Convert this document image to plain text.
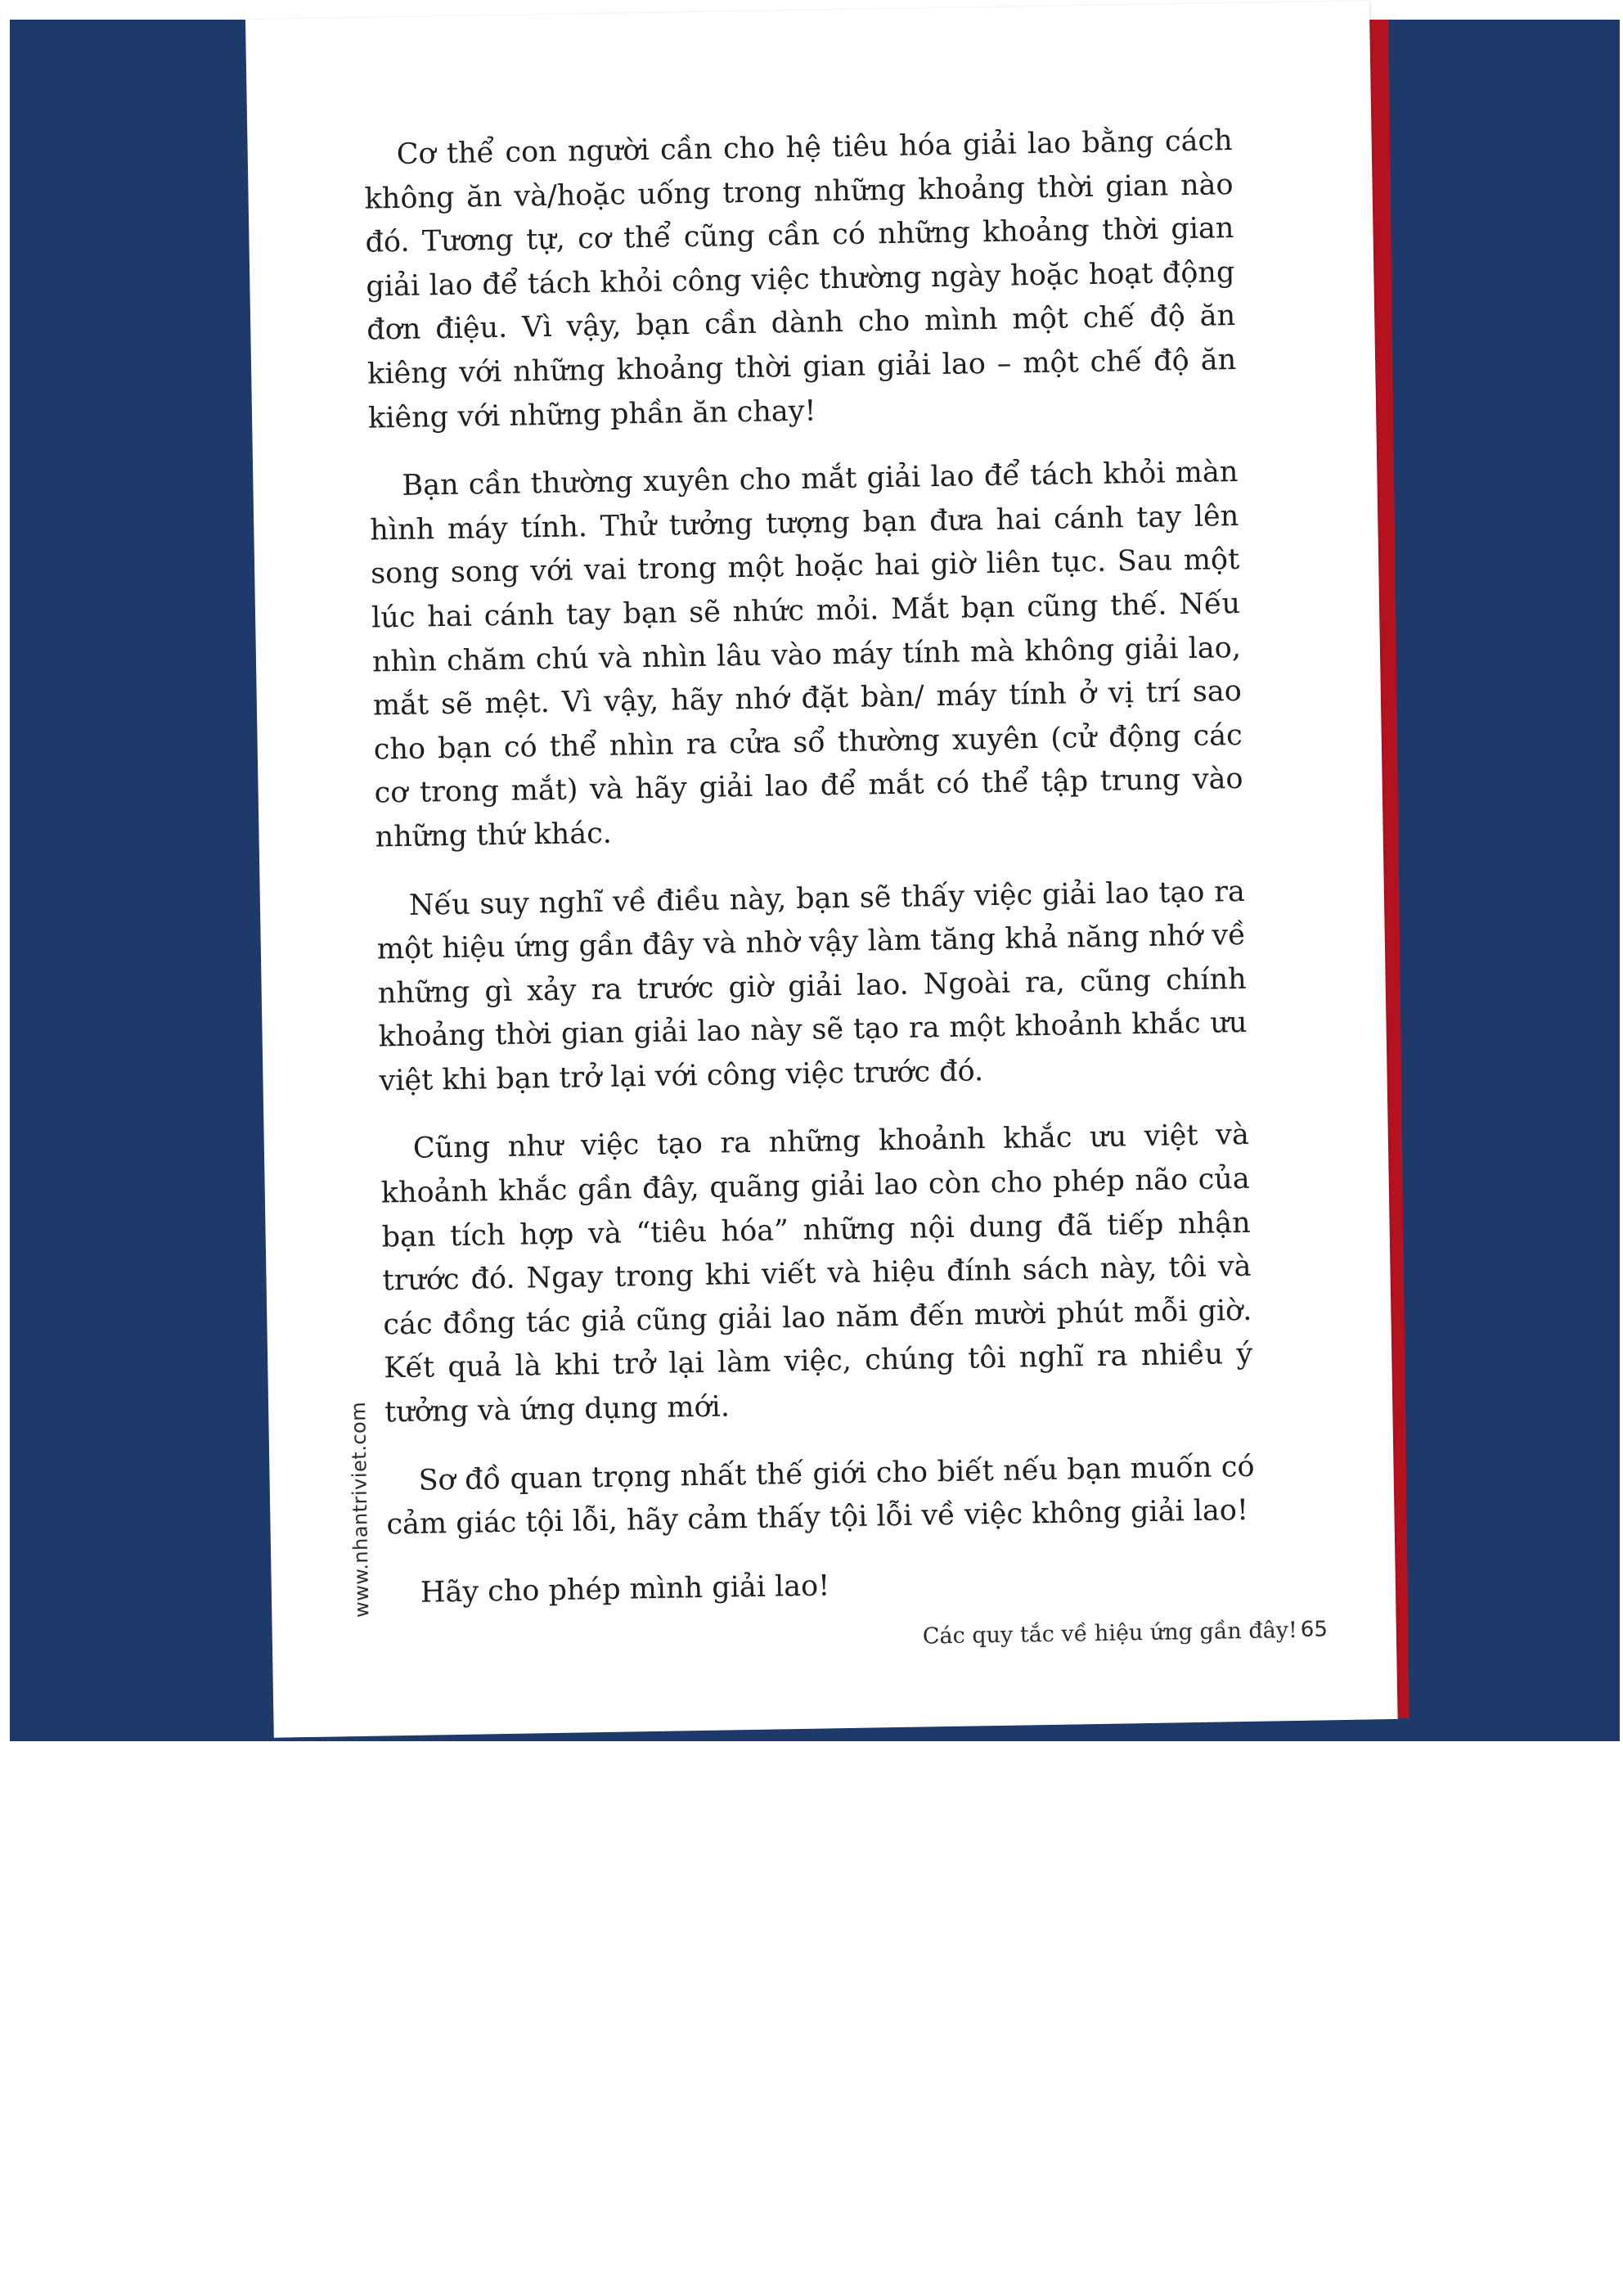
Cơ thể con người cần cho hệ tiêu hóa giải lao bằng cách không ăn và/hoặc uống trong những khoảng thời gian nào đó. Tương tự, cơ thể cũng cần có những khoảng thời gian giải lao để tách khỏi công việc thường ngày hoặc hoạt động đơn điệu. Vì vậy, bạn cần dành cho mình một chế độ ăn kiêng với những khoảng thời gian giải lao – một chế độ ăn kiêng với những phần ăn chay!

Bạn cần thường xuyên cho mắt giải lao để tách khỏi màn hình máy tính. Thử tưởng tượng bạn đưa hai cánh tay lên song song với vai trong một hoặc hai giờ liên tục. Sau một lúc hai cánh tay bạn sẽ nhức mỏi. Mắt bạn cũng thế. Nếu nhìn chăm chú và nhìn lâu vào máy tính mà không giải lao, mắt sẽ mệt. Vì vậy, hãy nhớ đặt bàn/ máy tính ở vị trí sao cho bạn có thể nhìn ra cửa sổ thường xuyên (cử động các cơ trong mắt) và hãy giải lao để mắt có thể tập trung vào những thứ khác.

Nếu suy nghĩ về điều này, bạn sẽ thấy việc giải lao tạo ra một hiệu ứng gần đây và nhờ vậy làm tăng khả năng nhớ về những gì xảy ra trước giờ giải lao. Ngoài ra, cũng chính khoảng thời gian giải lao này sẽ tạo ra một khoảnh khắc ưu việt khi bạn trở lại với công việc trước đó.

Cũng như việc tạo ra những khoảnh khắc ưu việt và khoảnh khắc gần đây, quãng giải lao còn cho phép não của bạn tích hợp và “tiêu hóa” những nội dung đã tiếp nhận trước đó. Ngay trong khi viết và hiệu đính sách này, tôi và các đồng tác giả cũng giải lao năm đến mười phút mỗi giờ. Kết quả là khi trở lại làm việc, chúng tôi nghĩ ra nhiều ý tưởng và ứng dụng mới.

Sơ đồ quan trọng nhất thế giới cho biết nếu bạn muốn có cảm giác tội lỗi, hãy cảm thấy tội lỗi về việc không giải lao!

Hãy cho phép mình giải lao!

www.nhantriviet.com
Các quy tắc về hiệu ứng gần đây! 65
